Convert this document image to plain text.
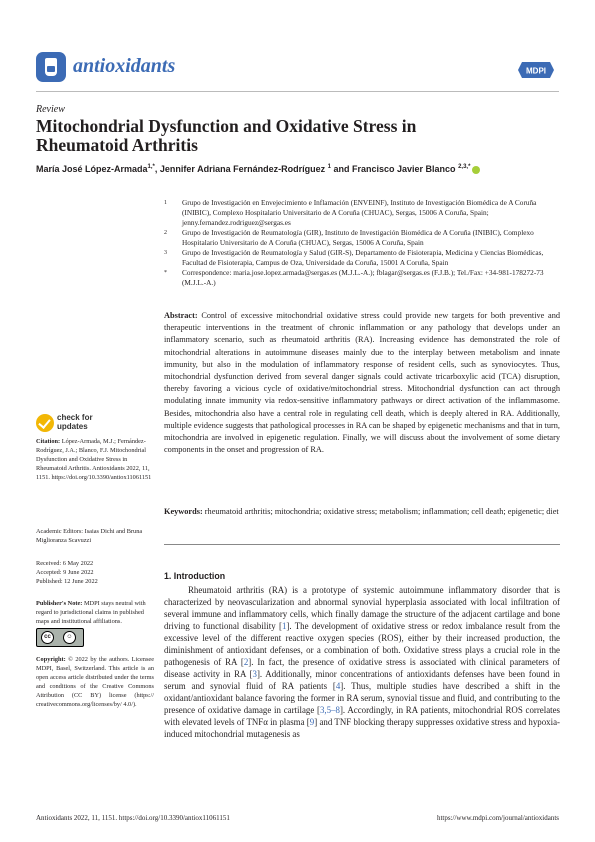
antioxidants	MDPI
Review
Mitochondrial Dysfunction and Oxidative Stress in Rheumatoid Arthritis
María José López-Armada$^{1,*}$, Jennifer Adriana Fernández-Rodríguez $^1$ and Francisco Javier Blanco $^{2,3,*}$
1	Grupo de Investigación en Envejecimiento e Inflamación (ENVEINF), Instituto de Investigación Biomédica de A Coruña (INIBIC), Complexo Hospitalario Universitario de A Coruña (CHUAC), Sergas, 15006 A Coruña, Spain; jenny.fernandez.rodriguez@sergas.es
2	Grupo de Investigación de Reumatología (GIR), Instituto de Investigación Biomédica de A Coruña (INIBIC), Complexo Hospitalario Universitario de A Coruña (CHUAC), Sergas, 15006 A Coruña, Spain
3	Grupo de Investigación de Reumatología y Salud (GIR-S), Departamento de Fisioterapia, Medicina y Ciencias Biomédicas, Facultad de Fisioterapia, Campus de Oza, Universidade da Coruña, 15001 A Coruña, Spain
*	Correspondence: maria.jose.lopez.armada@sergas.es (M.J.L.-A.); fblagar@sergas.es (F.J.B.); Tel./Fax: +34-981-178272-73 (M.J.L.-A.)
Abstract: Control of excessive mitochondrial oxidative stress could provide new targets for both preventive and therapeutic interventions in the treatment of chronic inflammation or any pathology that develops under an inflammatory scenario, such as rheumatoid arthritis (RA). Increasing evidence has demonstrated the role of mitochondrial alterations in autoimmune diseases mainly due to the interplay between metabolism and innate immunity, but also in the modulation of inflammatory response of resident cells, such as synoviocytes. Thus, mitochondrial dysfunction derived from several danger signals could activate tricarboxylic acid (TCA) disruption, thereby favoring a vicious cycle of oxidative/mitochondrial stress. Mitochondrial dysfunction can act through modulating innate immunity via redox-sensitive inflammatory pathways or direct activation of the inflammasome. Besides, mitochondria also have a central role in regulating cell death, which is deeply altered in RA. Additionally, multiple evidence suggests that pathological processes in RA can be shaped by epigenetic mechanisms and that in turn, mitochondria are involved in epigenetic regulation. Finally, we will discuss about the involvement of some dietary components in the onset and progression of RA.
Keywords: rheumatoid arthritis; mitochondria; oxidative stress; metabolism; inflammation; cell death; epigenetic; diet
check for
updates
Citation: López-Armada, M.J.; Fernández-Rodríguez, J.A.; Blanco, F.J. Mitochondrial Dysfunction and Oxidative Stress in Rheumatoid Arthritis. Antioxidants 2022, 11, 1151. https://doi.org/10.3390/antiox11061151
Academic Editors: Isaias Dichi and Bruna Miglioranza Scavuzzi
Received: 6 May 2022
Accepted: 9 June 2022
Published: 12 June 2022
Publisher's Note: MDPI stays neutral with regard to jurisdictional claims in published maps and institutional affiliations.
cc	☺
Copyright: © 2022 by the authors. Licensee MDPI, Basel, Switzerland. This article is an open access article distributed under the terms and conditions of the Creative Commons Attribution (CC BY) license (https:// creativecommons.org/licenses/by/ 4.0/).
1. Introduction

Rheumatoid arthritis (RA) is a prototype of systemic autoimmune inflammatory disorder that is characterized by neovascularization and abnormal synovial hyperplasia associated with local infiltration of several immune and inflammatory cells, which finally damage the structure of the adjacent cartilage and bone driving to functional disability [1]. The development of oxidative stress or redox imbalance result from the excessive level of the different reactive oxygen species (ROS), either by their increased production, the diminishment of antioxidant defenses, or a combination of both. Oxidative stress plays a crucial role in the pathogenesis of RA [2]. In fact, the presence of oxidative stress is associated with clinical parameters of disease activity in RA [3]. Additionally, minor concentrations of antioxidants defenses have been found in serum and synovial fluid of RA patients [4]. Thus, multiple studies have described a shift in the oxidant/antioxidant balance favoring the former in RA serum, synovial tissue and fluid, and contributing to the presence of oxidative damage in cartilage [3,5–8]. Accordingly, in RA patients, mitochondrial ROS correlates with elevated levels of TNFα in plasma [9] and TNF blocking therapy suppresses oxidative stress and hypoxia-induced mitochondrial mutagenesis as

Antioxidants 2022, 11, 1151. https://doi.org/10.3390/antiox11061151	https://www.mdpi.com/journal/antioxidants
